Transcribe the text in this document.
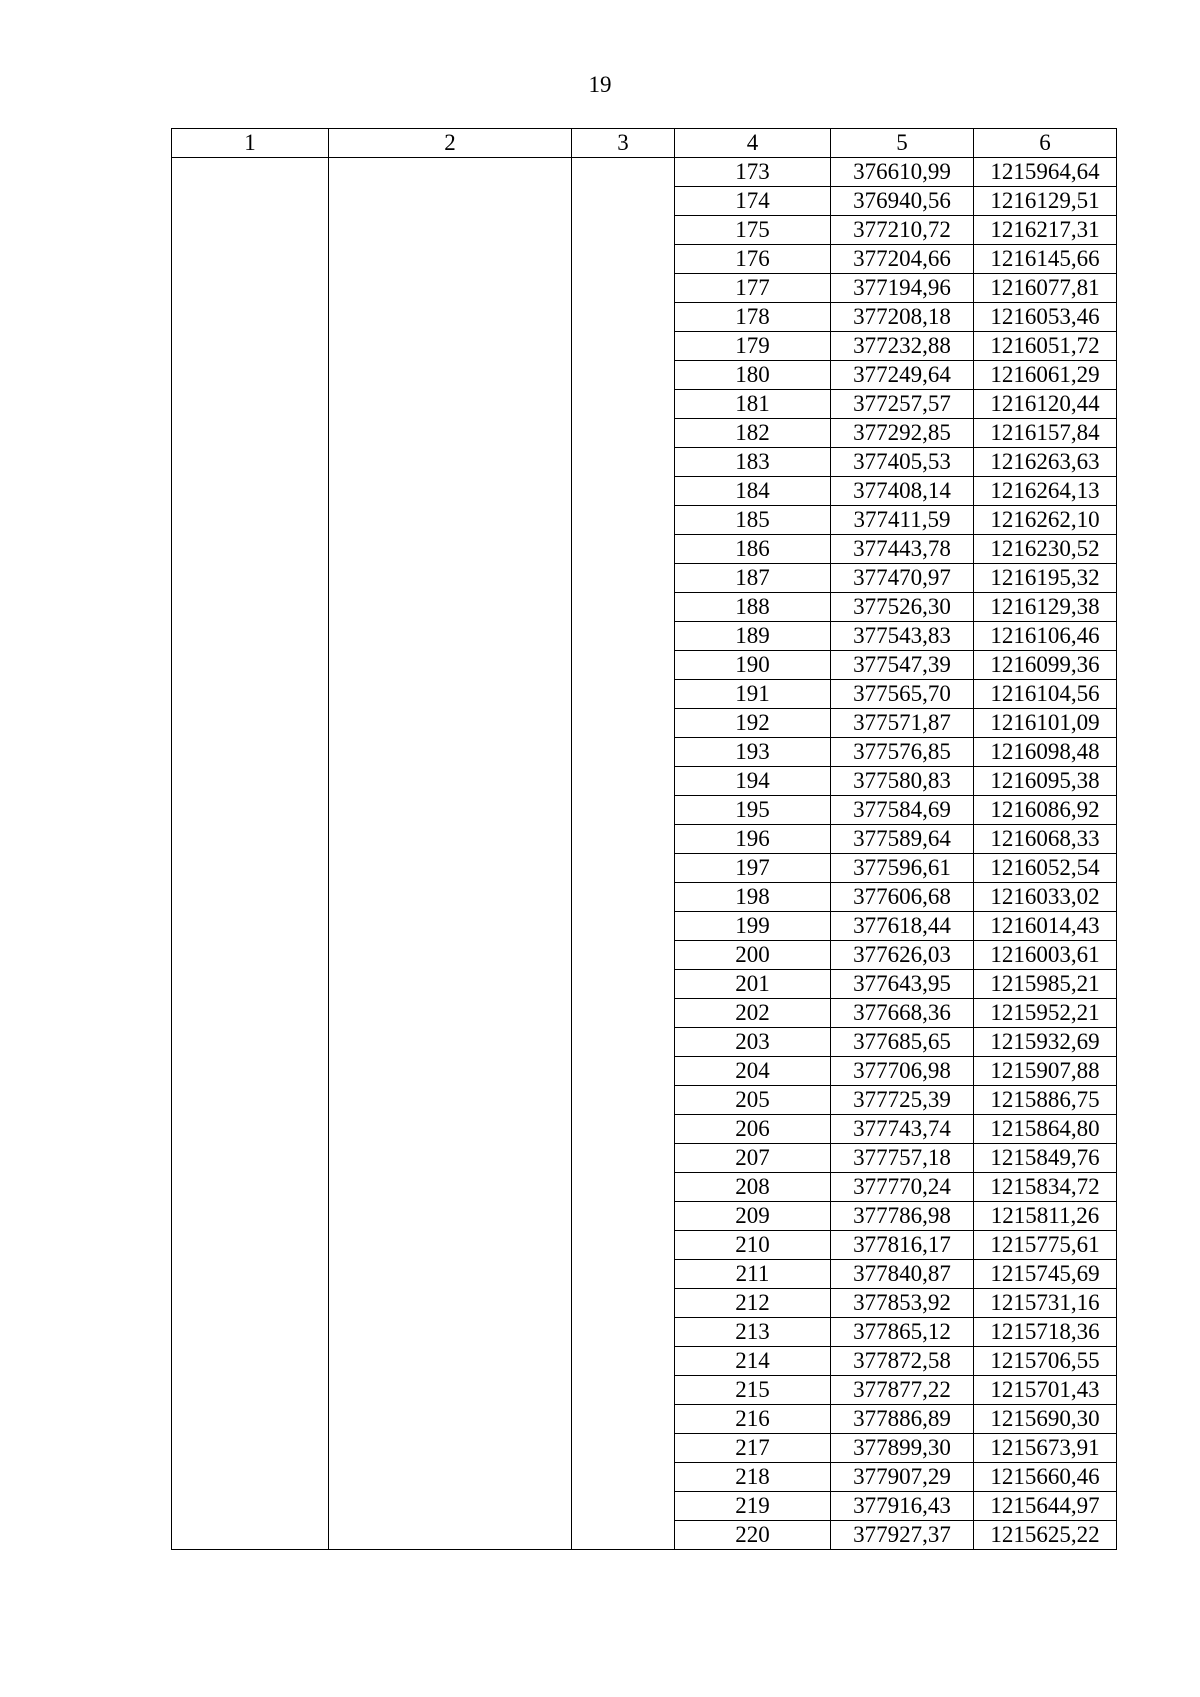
19
1	2	3	4	5	6
			173	376610,99	1215964,64
			174	376940,56	1216129,51
			175	377210,72	1216217,31
			176	377204,66	1216145,66
			177	377194,96	1216077,81
			178	377208,18	1216053,46
			179	377232,88	1216051,72
			180	377249,64	1216061,29
			181	377257,57	1216120,44
			182	377292,85	1216157,84
			183	377405,53	1216263,63
			184	377408,14	1216264,13
			185	377411,59	1216262,10
			186	377443,78	1216230,52
			187	377470,97	1216195,32
			188	377526,30	1216129,38
			189	377543,83	1216106,46
			190	377547,39	1216099,36
			191	377565,70	1216104,56
			192	377571,87	1216101,09
			193	377576,85	1216098,48
			194	377580,83	1216095,38
			195	377584,69	1216086,92
			196	377589,64	1216068,33
			197	377596,61	1216052,54
			198	377606,68	1216033,02
			199	377618,44	1216014,43
			200	377626,03	1216003,61
			201	377643,95	1215985,21
			202	377668,36	1215952,21
			203	377685,65	1215932,69
			204	377706,98	1215907,88
			205	377725,39	1215886,75
			206	377743,74	1215864,80
			207	377757,18	1215849,76
			208	377770,24	1215834,72
			209	377786,98	1215811,26
			210	377816,17	1215775,61
			211	377840,87	1215745,69
			212	377853,92	1215731,16
			213	377865,12	1215718,36
			214	377872,58	1215706,55
			215	377877,22	1215701,43
			216	377886,89	1215690,30
			217	377899,30	1215673,91
			218	377907,29	1215660,46
			219	377916,43	1215644,97
			220	377927,37	1215625,22
